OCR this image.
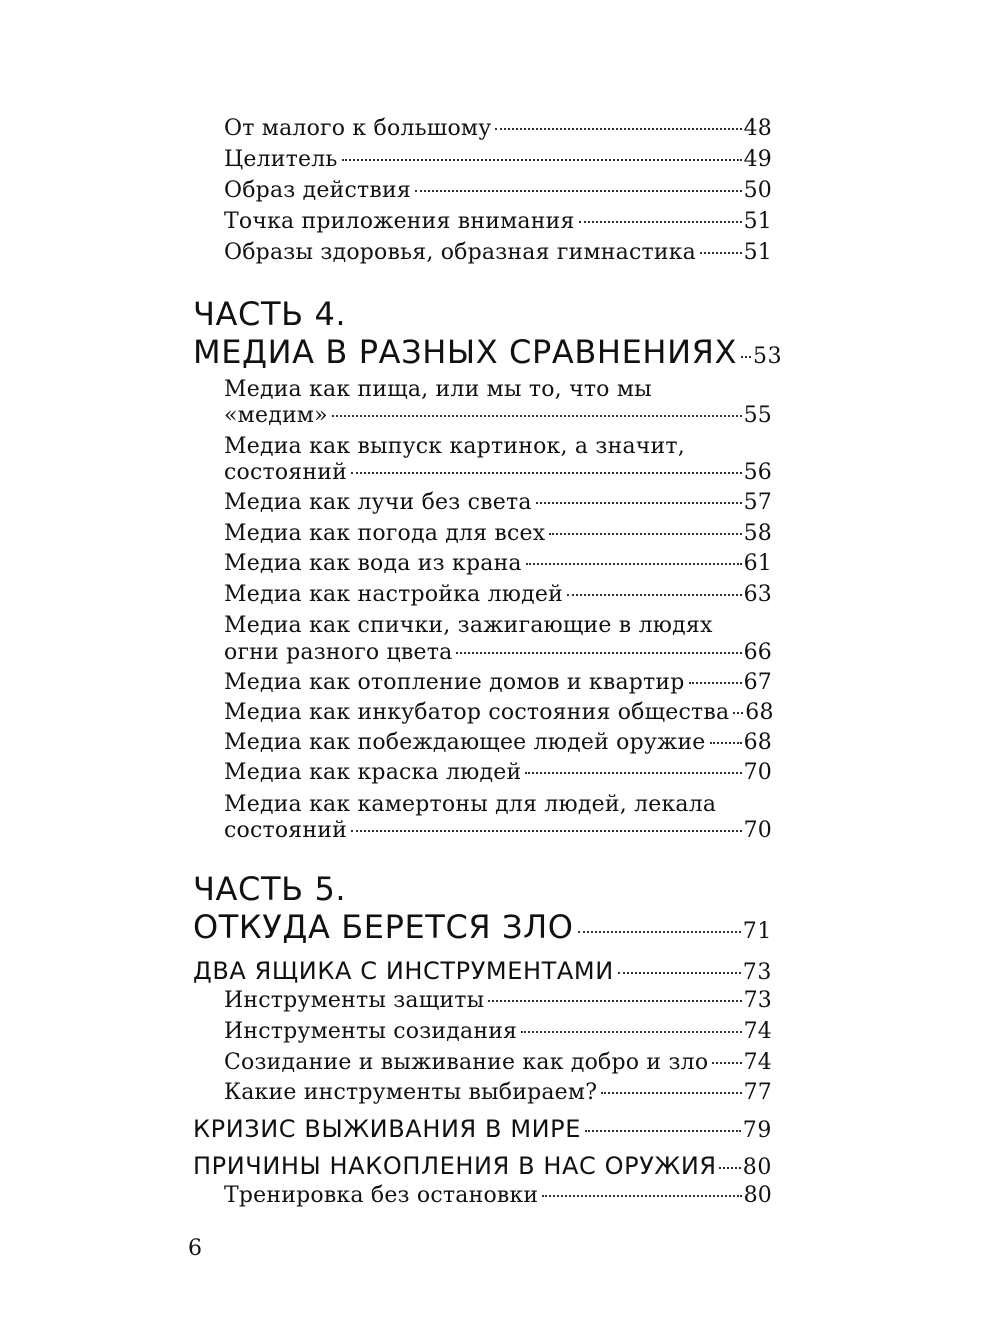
От малого к большому	48
Целитель	49
Образ действия	50
Точка приложения внимания	51
Образы здоровья, образная гимнастика 51
ЧАСТЬ 4.
МЕДИА В РАЗНЫХ СРАВНЕНИЯХ 53
Медиа как пища, или мы то, что мы
«медим»	55
Медиа как выпуск картинок, а значит,
состояний	56
Медиа как лучи без света	57
Медиа как погода для всех	58
Медиа как вода из крана	61
Медиа как настройка людей	63
Медиа как спички, зажигающие в людях
огни разного цвета	66
Медиа как отопление домов и квартир	67
Медиа как инкубатор состояния общества 68
Медиа как побеждающее людей оружие 68
Медиа как краска людей	70
Медиа как камертоны для людей, лекала
состояний	70
ЧАСТЬ 5.
ОТКУДА БЕРЕТСЯ ЗЛО	71
ДВА ЯЩИКА С ИНСТРУМЕНТАМИ	73
Инструменты защиты	73
Инструменты созидания	74
Созидание и выживание как добро и зло 74
Какие инструменты выбираем?	77
КРИЗИС ВЫЖИВАНИЯ В МИРЕ	79
ПРИЧИНЫ НАКОПЛЕНИЯ В НАС ОРУЖИЯ 80
Тренировка без остановки	80
6
